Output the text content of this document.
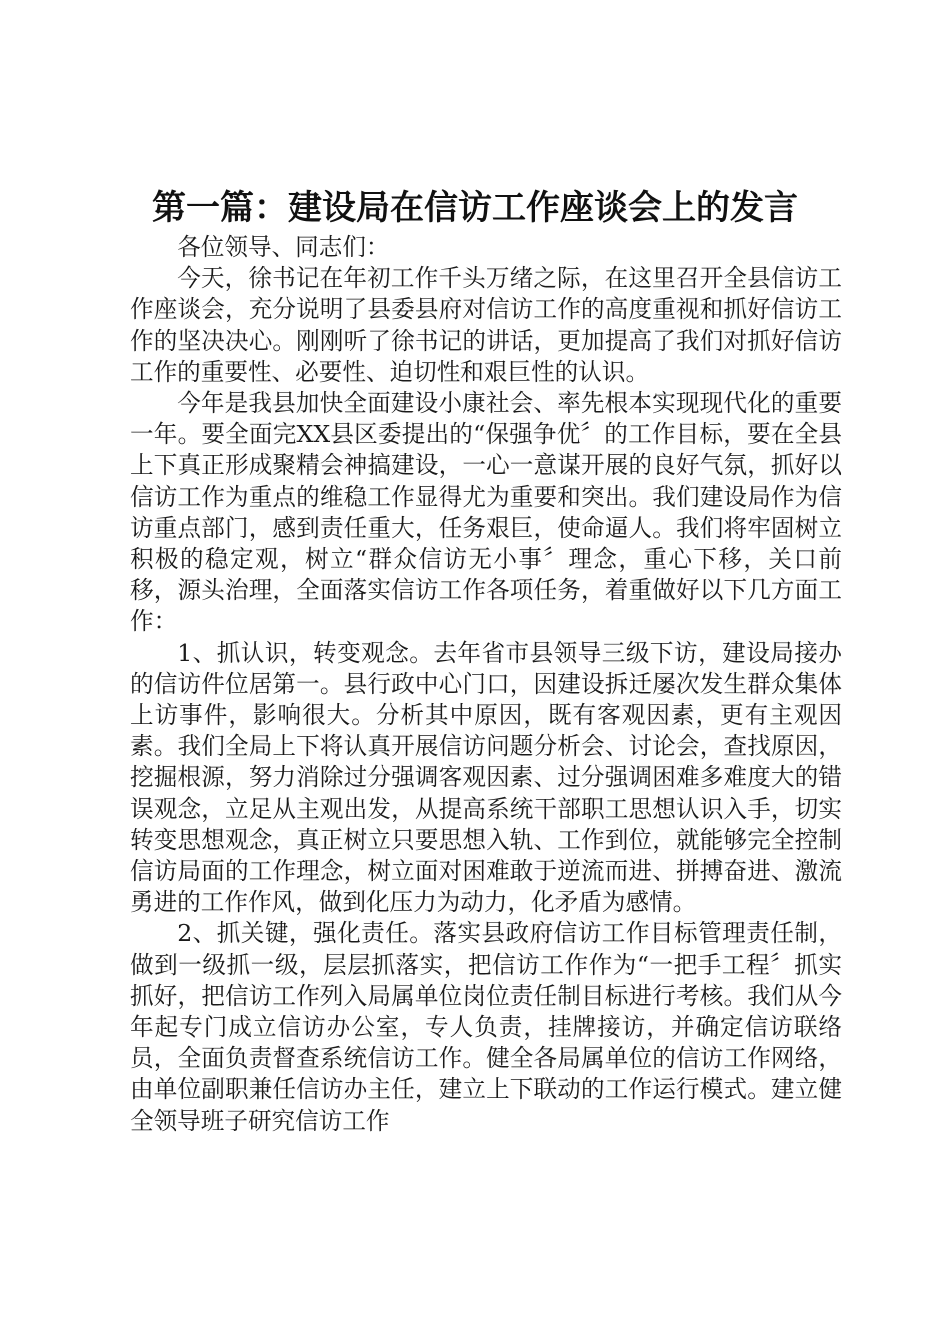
第一篇：建设局在信访工作座谈会上的发言

各位领导、同志们：

今天，徐书记在年初工作千头万绪之际，在这里召开全县信访工作座谈会，充分说明了县委县府对信访工作的高度重视和抓好信访工作的坚决决心。刚刚听了徐书记的讲话，更加提高了我们对抓好信访工作的重要性、必要性、迫切性和艰巨性的认识。

今年是我县加快全面建设小康社会、率先根本实现现代化的重要一年。要全面完XX县区委提出的“保强争优〞的工作目标，要在全县上下真正形成聚精会神搞建设，一心一意谋开展的良好气氛，抓好以信访工作为重点的维稳工作显得尤为重要和突出。我们建设局作为信访重点部门，感到责任重大，任务艰巨，使命逼人。我们将牢固树立积极的稳定观，树立“群众信访无小事〞理念，重心下移，关口前移，源头治理，全面落实信访工作各项任务，着重做好以下几方面工作：

1、抓认识，转变观念。去年省市县领导三级下访，建设局接办的信访件位居第一。县行政中心门口，因建设拆迁屡次发生群众集体上访事件，影响很大。分析其中原因，既有客观因素，更有主观因素。我们全局上下将认真开展信访问题分析会、讨论会，查找原因，挖掘根源，努力消除过分强调客观因素、过分强调困难多难度大的错误观念，立足从主观出发，从提高系统干部职工思想认识入手，切实转变思想观念，真正树立只要思想入轨、工作到位，就能够完全控制信访局面的工作理念，树立面对困难敢于逆流而进、拼搏奋进、激流勇进的工作作风，做到化压力为动力，化矛盾为感情。

2、抓关键，强化责任。落实县政府信访工作目标管理责任制，做到一级抓一级，层层抓落实，把信访工作作为“一把手工程〞抓实抓好，把信访工作列入局属单位岗位责任制目标进行考核。我们从今年起专门成立信访办公室，专人负责，挂牌接访，并确定信访联络员，全面负责督查系统信访工作。健全各局属单位的信访工作网络，由单位副职兼任信访办主任，建立上下联动的工作运行模式。建立健全领导班子研究信访工作
